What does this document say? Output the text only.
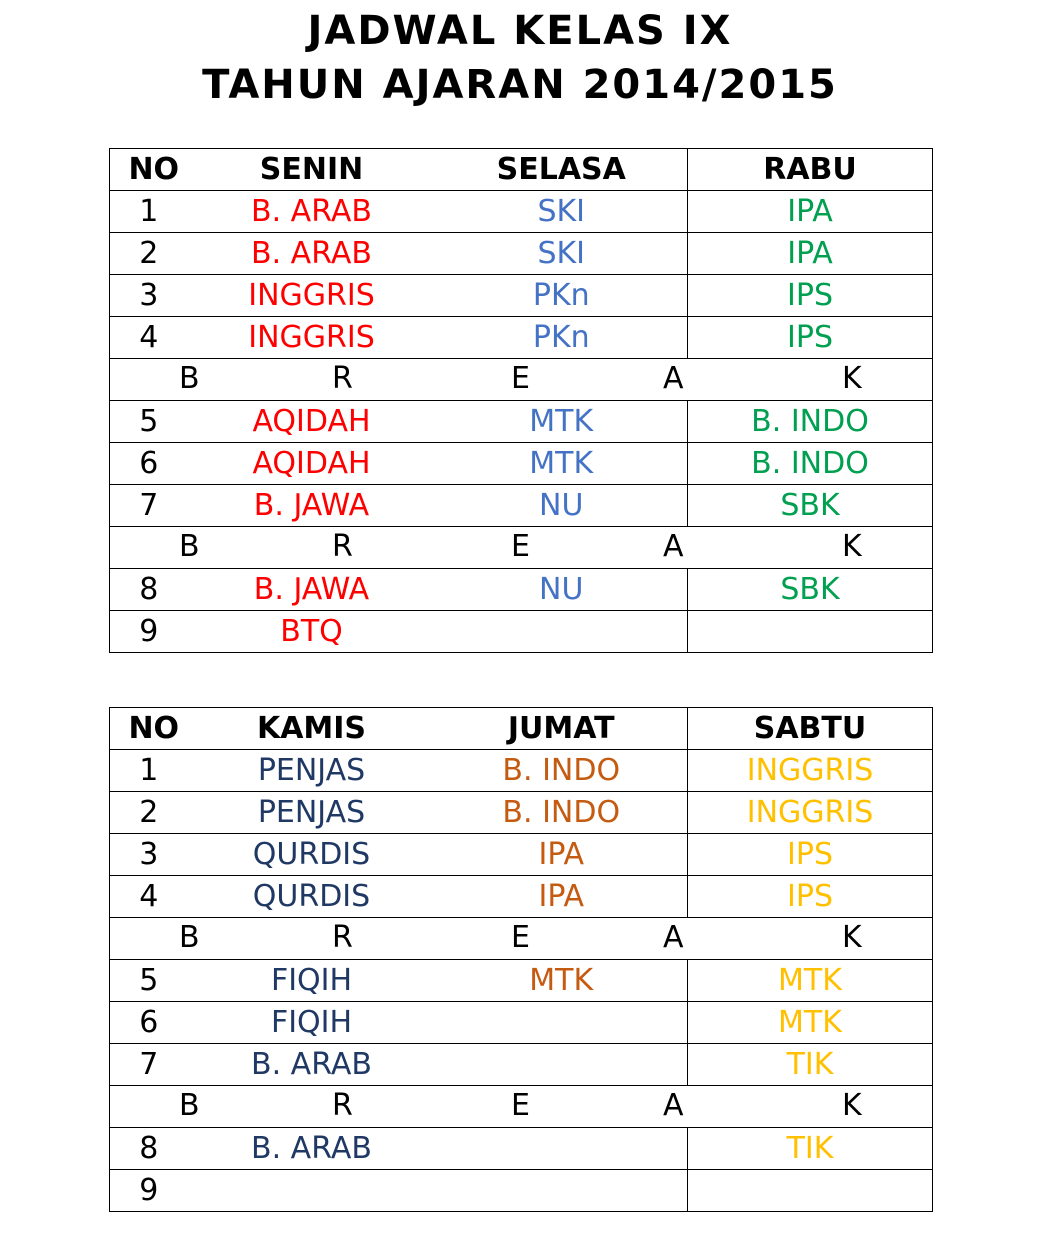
JADWAL KELAS IX
TAHUN AJARAN 2014/2015
NO	SENIN	SELASA	RABU
1	B. ARAB	SKI	IPA
2	B. ARAB	SKI	IPA
3	INGGRIS	PKn	IPS
4	INGGRIS	PKn	IPS

B R E A K			

5	AQIDAH	MTK	B. INDO
6	AQIDAH	MTK	B. INDO
7	B. JAWA	NU	SBK

B R E A K			

8	B. JAWA	NU	SBK
9	BTQ		
NO	KAMIS	JUMAT	SABTU
1	PENJAS	B. INDO	INGGRIS
2	PENJAS	B. INDO	INGGRIS
3	QURDIS	IPA	IPS
4	QURDIS	IPA	IPS

B R E A K			

5	FIQIH	MTK	MTK
6	FIQIH		MTK
7	B. ARAB		TIK

B R E A K			

8	B. ARAB		TIK
9			
